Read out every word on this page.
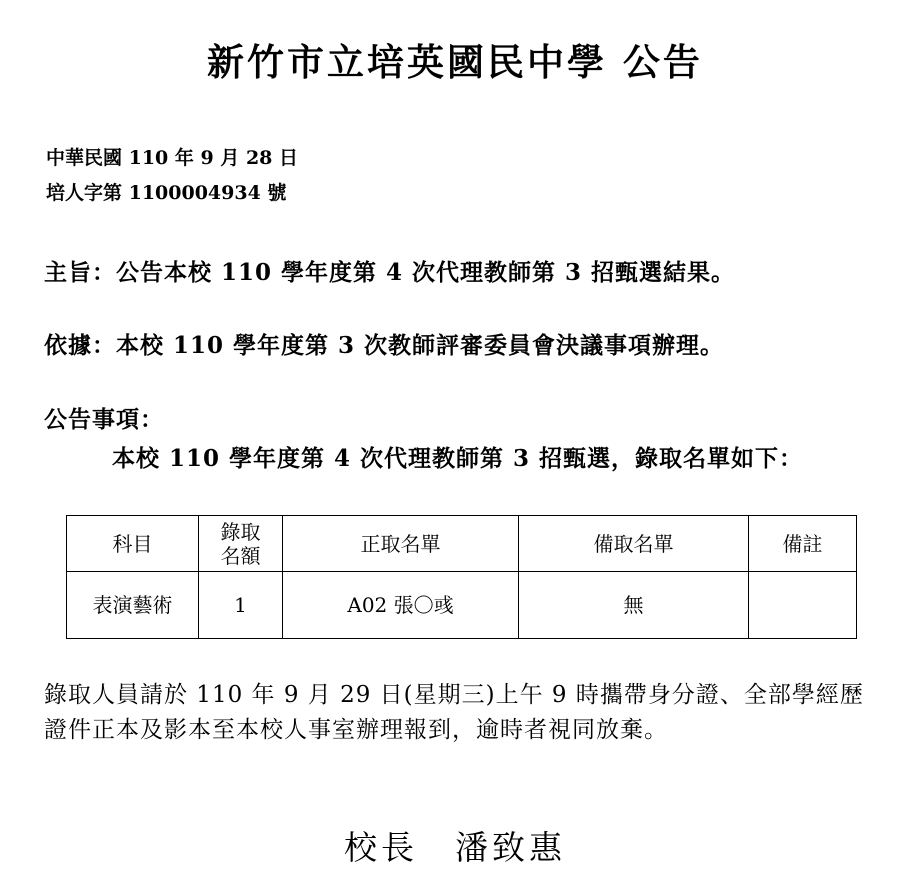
新竹市立培英國民中學 公告
中華民國 110 年 9 月 28 日
培人字第 1100004934 號
主旨：公告本校 110 學年度第 4 次代理教師第 3 招甄選結果。
依據：本校 110 學年度第 3 次教師評審委員會決議事項辦理。
公告事項：
本校 110 學年度第 4 次代理教師第 3 招甄選，錄取名單如下：
科目	錄取名額	正取名單	備取名單	備註
表演藝術	1	A02 張〇彧	無	
錄取人員請於 110 年 9 月 29 日(星期三)上午 9 時攜帶身分證、全部學經歷證件正本及影本至本校人事室辦理報到，逾時者視同放棄。
校長　潘致惠
